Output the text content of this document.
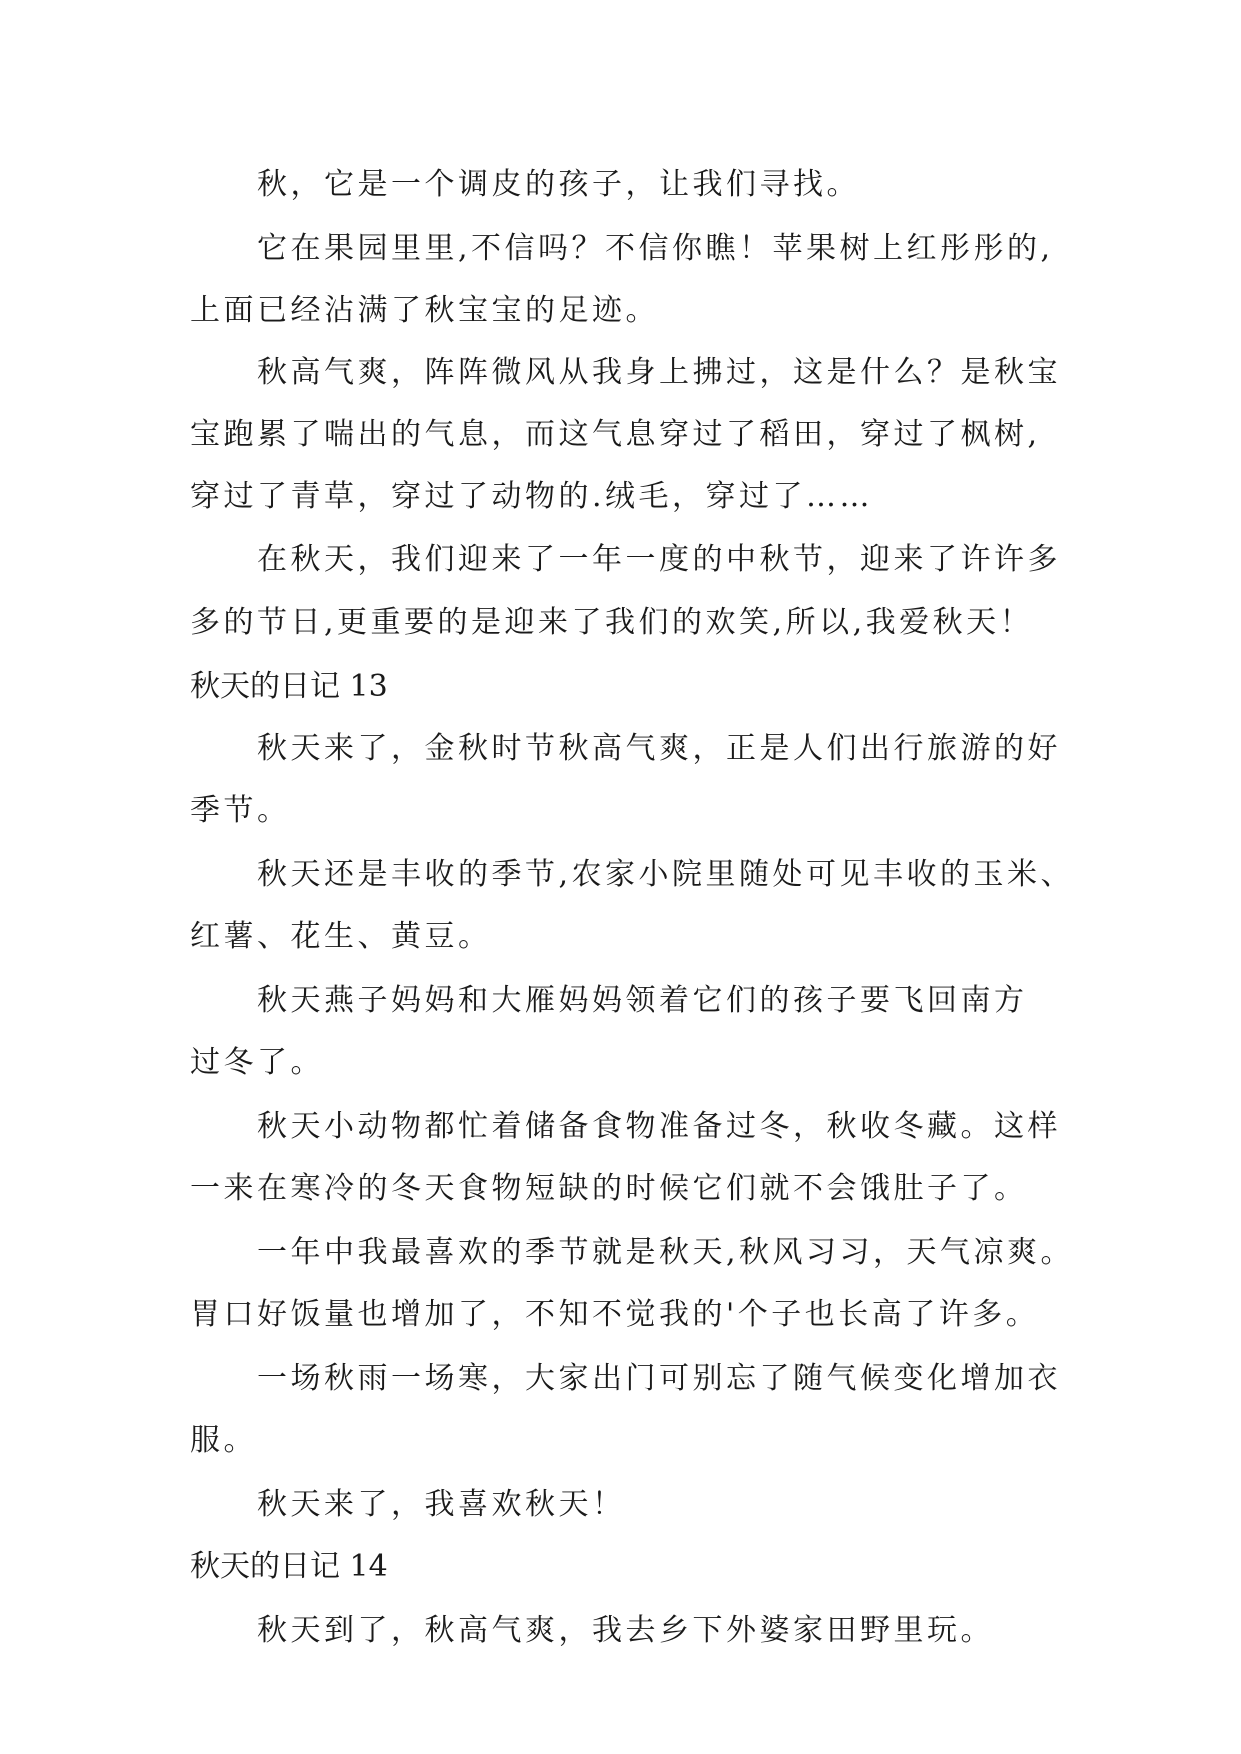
秋，它是一个调皮的孩子，让我们寻找。
它在果园里里,不信吗？不信你瞧！苹果树上红彤彤的,
上面已经沾满了秋宝宝的足迹。
秋高气爽，阵阵微风从我身上拂过，这是什么？是秋宝
宝跑累了喘出的气息，而这气息穿过了稻田，穿过了枫树,
穿过了青草，穿过了动物的.绒毛，穿过了……
在秋天，我们迎来了一年一度的中秋节，迎来了许许多
多的节日,更重要的是迎来了我们的欢笑,所以,我爱秋天！
秋天的日记 13
秋天来了，金秋时节秋高气爽，正是人们出行旅游的好
季节。
秋天还是丰收的季节,农家小院里随处可见丰收的玉米、
红薯、花生、黄豆。
秋天燕子妈妈和大雁妈妈领着它们的孩子要飞回南方
过冬了。
秋天小动物都忙着储备食物准备过冬，秋收冬藏。这样
一来在寒冷的冬天食物短缺的时候它们就不会饿肚子了。
一年中我最喜欢的季节就是秋天,秋风习习，天气凉爽。
胃口好饭量也增加了，不知不觉我的'个子也长高了许多。
一场秋雨一场寒，大家出门可别忘了随气候变化增加衣
服。
秋天来了，我喜欢秋天！
秋天的日记 14
秋天到了，秋高气爽，我去乡下外婆家田野里玩。
